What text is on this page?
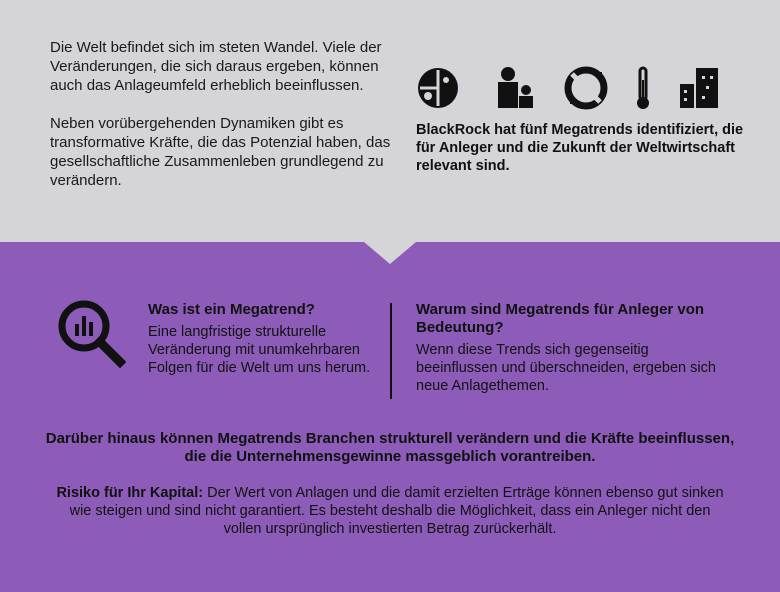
Die Welt befindet sich im steten Wandel. Viele der Veränderungen, die sich daraus ergeben, können auch das Anlageumfeld erheblich beeinflussen.

Neben vorübergehenden Dynamiken gibt es transformative Kräfte, die das Potenzial haben, das gesellschaftliche Zusammenleben grundlegend zu verändern.

BlackRock hat fünf Megatrends identifiziert, die für Anleger und die Zukunft der Weltwirtschaft relevant sind.
Was ist ein Megatrend?

Eine langfristige strukturelle Veränderung mit unumkehrbaren Folgen für die Welt um uns herum.

Warum sind Megatrends für Anleger von Bedeutung?

Wenn diese Trends sich gegenseitig beeinflussen und überschneiden, ergeben sich neue Anlagethemen.

Darüber hinaus können Megatrends Branchen strukturell verändern und die Kräfte beeinflussen, die die Unternehmensgewinne massgeblich vorantreiben.
Risiko für Ihr Kapital: Der Wert von Anlagen und die damit erzielten Erträge können ebenso gut sinken wie steigen und sind nicht garantiert. Es besteht deshalb die Möglichkeit, dass ein Anleger nicht den vollen ursprünglich investierten Betrag zurückerhält.
